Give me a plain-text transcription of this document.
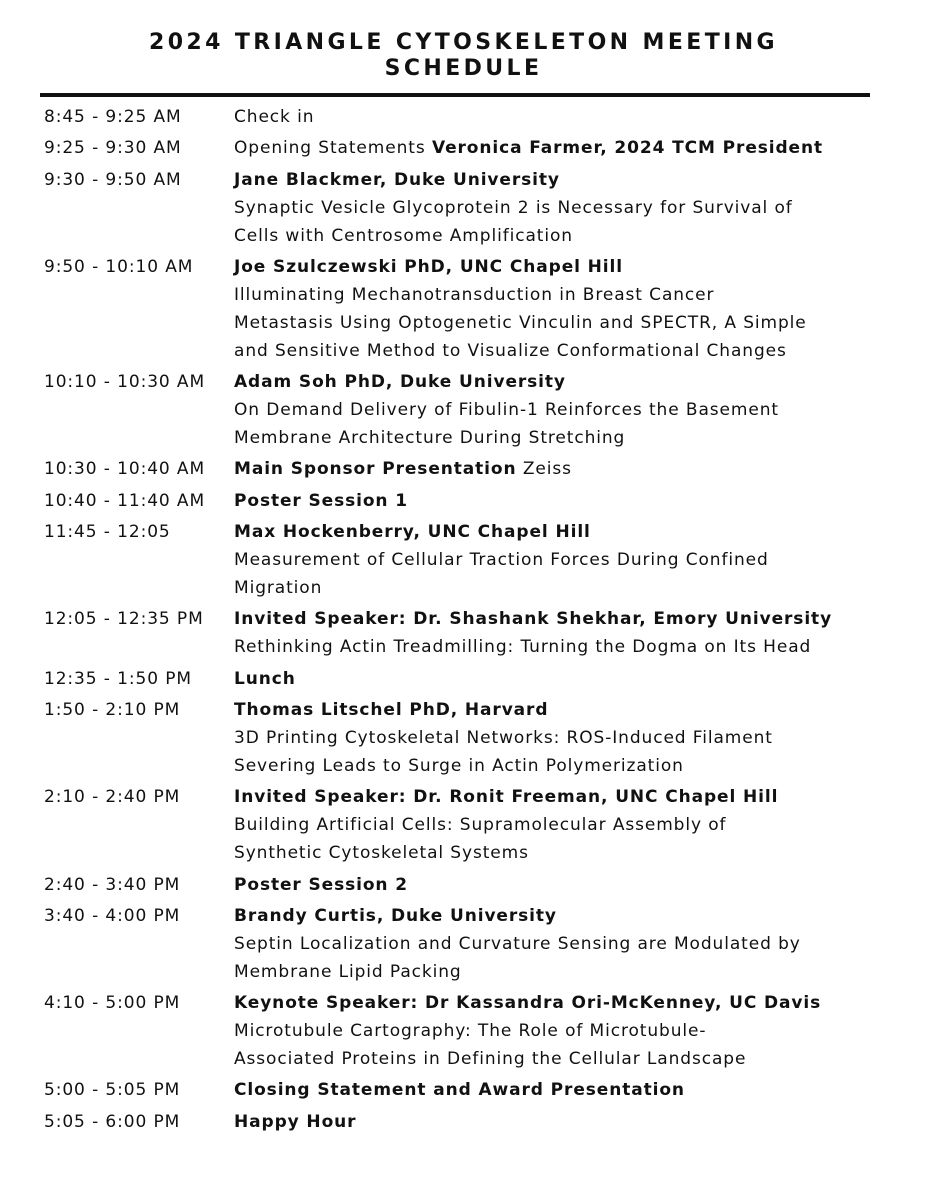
2024 TRIANGLE CYTOSKELETON MEETING
SCHEDULE
8:45 - 9:25 AM	Check in
9:25 - 9:30 AM	Opening Statements Veronica Farmer, 2024 TCM President
9:30 - 9:50 AM	Jane Blackmer, Duke University
Synaptic Vesicle Glycoprotein 2 is Necessary for Survival of
Cells with Centrosome Amplification
9:50 - 10:10 AM	Joe Szulczewski PhD, UNC Chapel Hill
Illuminating Mechanotransduction in Breast Cancer
Metastasis Using Optogenetic Vinculin and SPECTR, A Simple
and Sensitive Method to Visualize Conformational Changes
10:10 - 10:30 AM	Adam Soh PhD, Duke University
On Demand Delivery of Fibulin-1 Reinforces the Basement
Membrane Architecture During Stretching
10:30 - 10:40 AM	Main Sponsor Presentation Zeiss
10:40 - 11:40 AM	Poster Session 1
11:45 - 12:05	Max Hockenberry, UNC Chapel Hill
Measurement of Cellular Traction Forces During Confined
Migration
12:05 - 12:35 PM	Invited Speaker: Dr. Shashank Shekhar, Emory University
Rethinking Actin Treadmilling: Turning the Dogma on Its Head
12:35 - 1:50 PM	Lunch
1:50 - 2:10 PM	Thomas Litschel PhD, Harvard
3D Printing Cytoskeletal Networks: ROS-Induced Filament
Severing Leads to Surge in Actin Polymerization
2:10 - 2:40 PM	Invited Speaker: Dr. Ronit Freeman, UNC Chapel Hill
Building Artificial Cells: Supramolecular Assembly of
Synthetic Cytoskeletal Systems
2:40 - 3:40 PM	Poster Session 2
3:40 - 4:00 PM	Brandy Curtis, Duke University
Septin Localization and Curvature Sensing are Modulated by
Membrane Lipid Packing
4:10 - 5:00 PM	Keynote Speaker: Dr Kassandra Ori-McKenney, UC Davis
Microtubule Cartography: The Role of Microtubule-
Associated Proteins in Defining the Cellular Landscape
5:00 - 5:05 PM	Closing Statement and Award Presentation
5:05 - 6:00 PM	Happy Hour
